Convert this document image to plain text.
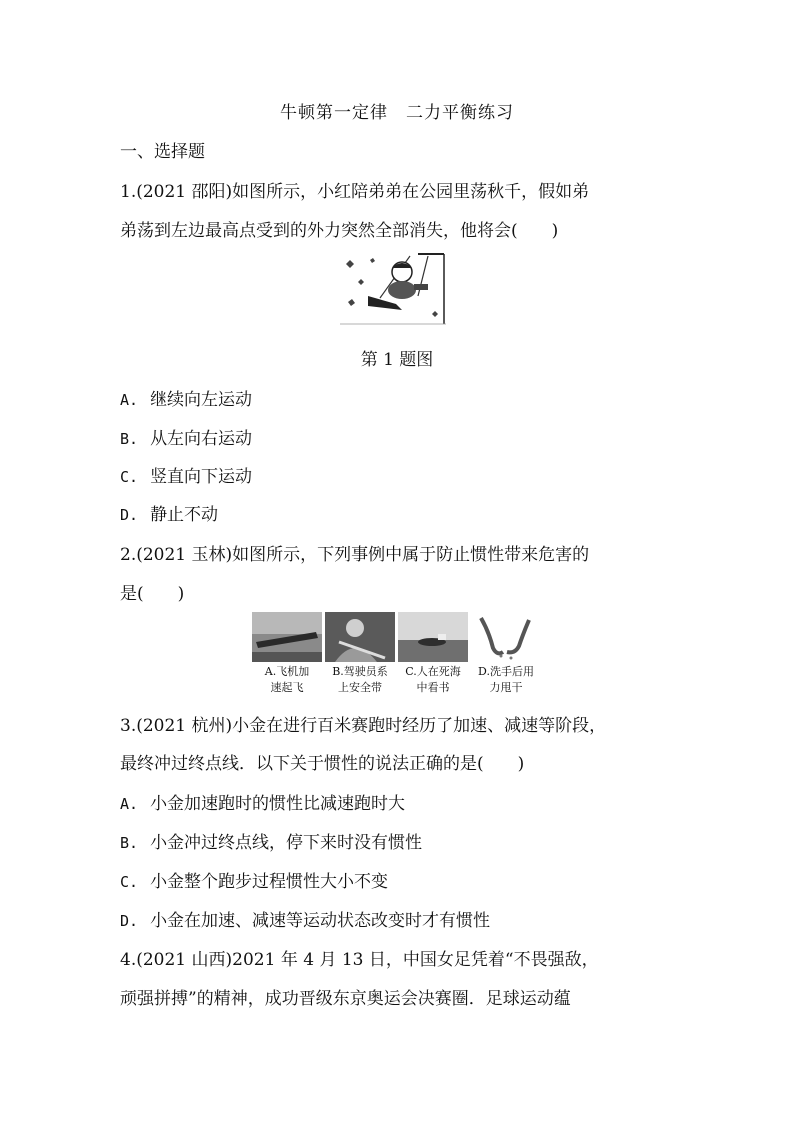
牛顿第一定律　二力平衡练习
一、选择题
1.(2021 邵阳)如图所示，小红陪弟弟在公园里荡秋千，假如弟
弟荡到左边最高点受到的外力突然全部消失，他将会(　　)
第 1 题图
A. 继续向左运动
B. 从左向右运动
C. 竖直向下运动
D. 静止不动
2.(2021 玉林)如图所示，下列事例中属于防止惯性带来危害的
是(　　)
A.飞机加
速起飞
B.驾驶员系
上安全带
C.人在死海
中看书
D.洗手后用
力甩干
3.(2021 杭州)小金在进行百米赛跑时经历了加速、减速等阶段，
最终冲过终点线．以下关于惯性的说法正确的是(　　)
A. 小金加速跑时的惯性比减速跑时大
B. 小金冲过终点线，停下来时没有惯性
C. 小金整个跑步过程惯性大小不变
D. 小金在加速、减速等运动状态改变时才有惯性
4.(2021 山西)2021 年 4 月 13 日，中国女足凭着“不畏强敌，
顽强拼搏”的精神，成功晋级东京奥运会决赛圈．足球运动蕴
